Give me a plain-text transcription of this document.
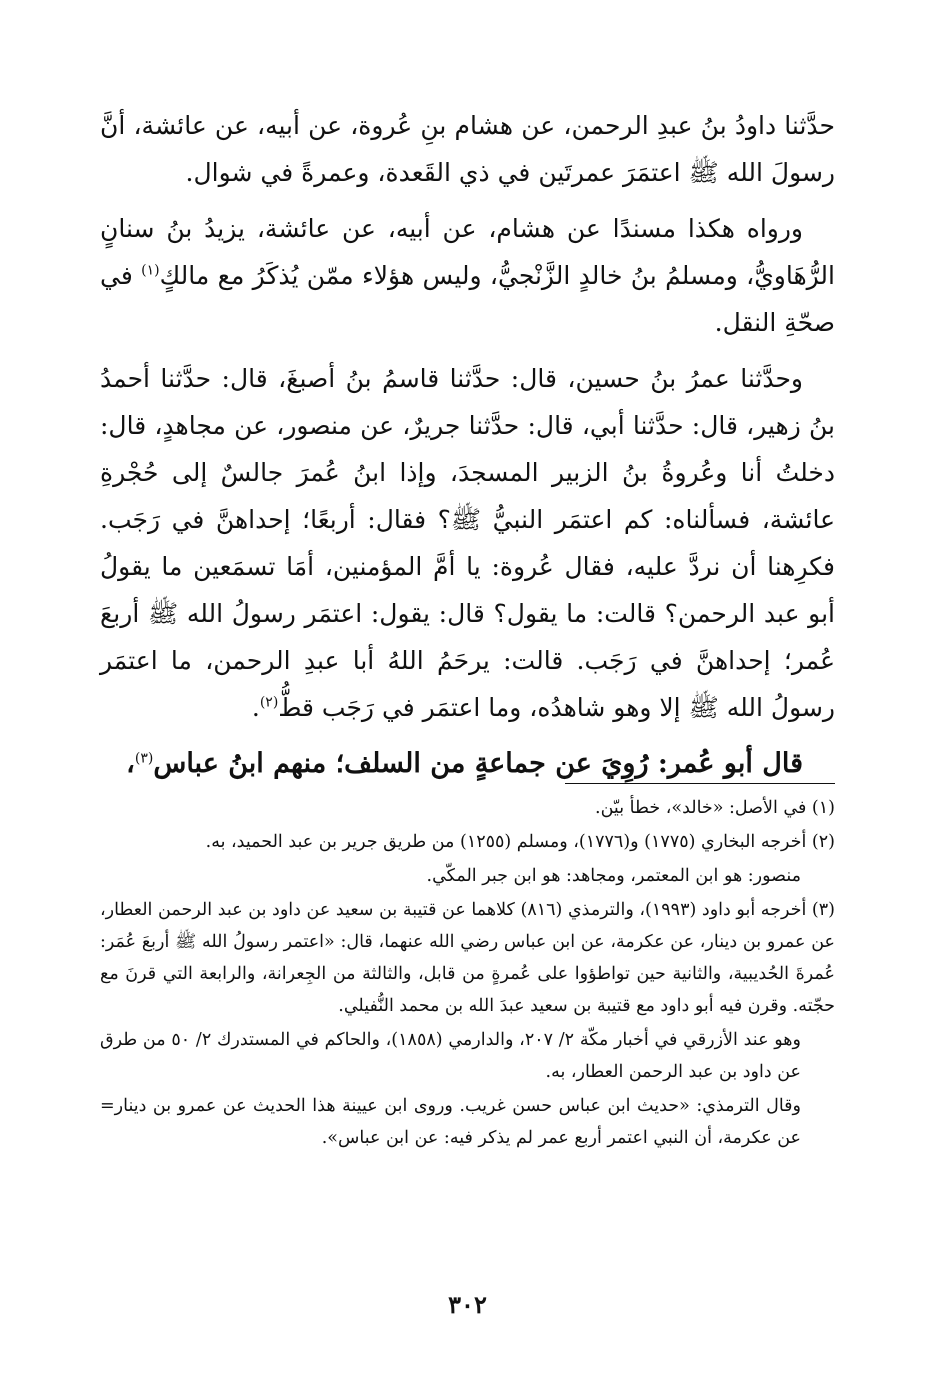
حدَّثنا داودُ بنُ عبدِ الرحمن، عن هشام بنِ عُروة، عن أبيه، عن عائشة، أنَّ رسولَ الله ﷺ اعتمَرَ عمرتَين في ذي القَعدة، وعمرةً في شوال.

ورواه هكذا مسندًا عن هشام، عن أبيه، عن عائشة، يزيدُ بنُ سنانٍ الرُّهَاويُّ، ومسلمُ بنُ خالدٍ الزَّنْجيُّ، وليس هؤلاء ممّن يُذكَرُ مع مالكٍ$^{(١)}$ في صحّةِ النقل.

وحدَّثنا عمرُ بنُ حسين، قال: حدَّثنا قاسمُ بنُ أصبغَ، قال: حدَّثنا أحمدُ بنُ زهير، قال: حدَّثنا أبي، قال: حدَّثنا جريرٌ، عن منصور، عن مجاهدٍ، قال: دخلتُ أنا وعُروةُ بنُ الزبير المسجدَ، وإذا ابنُ عُمرَ جالسٌ إلى حُجْرةِ عائشة، فسألناه: كم اعتمَر النبيُّ ﷺ؟ فقال: أربعًا؛ إحداهنَّ في رَجَب. فكرِهنا أن نردَّ عليه، فقال عُروة: يا أمَّ المؤمنين، أمَا تسمَعين ما يقولُ أبو عبد الرحمن؟ قالت: ما يقول؟ قال: يقول: اعتمَر رسولُ الله ﷺ أربعَ عُمر؛ إحداهنَّ في رَجَب. قالت: يرحَمُ اللهُ أبا عبدِ الرحمن، ما اعتمَر رسولُ الله ﷺ إلا وهو شاهدُه، وما اعتمَر في رَجَب قطُّ$^{(٢)}$.

قال أبو عُمر: رُوِيَ عن جماعةٍ من السلف؛ منهم ابنُ عباس$^{(٣)}$،

(١) في الأصل: «خالد»، خطأ بيّن.

(٢) أخرجه البخاري (١٧٧٥) و(١٧٧٦)، ومسلم (١٢٥٥) من طريق جرير بن عبد الحميد، به.

منصور: هو ابن المعتمر، ومجاهد: هو ابن جبر المكّي.

(٣) أخرجه أبو داود (١٩٩٣)، والترمذي (٨١٦) كلاهما عن قتيبة بن سعيد عن داود بن عبد الرحمن العطار، عن عمرو بن دينار، عن عكرمة، عن ابن عباس رضي الله عنهما، قال: «اعتمر رسولُ الله ﷺ أربعَ عُمَر: عُمرةَ الحُديبية، والثانية حين تواطؤوا على عُمرةٍ من قابل، والثالثة من الجِعرانة، والرابعة التي قرنَ مع حجّته. وقرن فيه أبو داود مع قتيبة بن سعيد عبدَ الله بن محمد النُّفيلي.

وهو عند الأزرقي في أخبار مكّة ٢/ ٢٠٧، والدارمي (١٨٥٨)، والحاكم في المستدرك ٢/ ٥٠ من طرق عن داود بن عبد الرحمن العطار، به.

= وقال الترمذي: «حديث ابن عباس حسن غريب. وروى ابن عيينة هذا الحديث عن عمرو بن دينار عن عكرمة، أن النبي اعتمر أربع عمر لم يذكر فيه: عن ابن عباس».

٣٠٢
